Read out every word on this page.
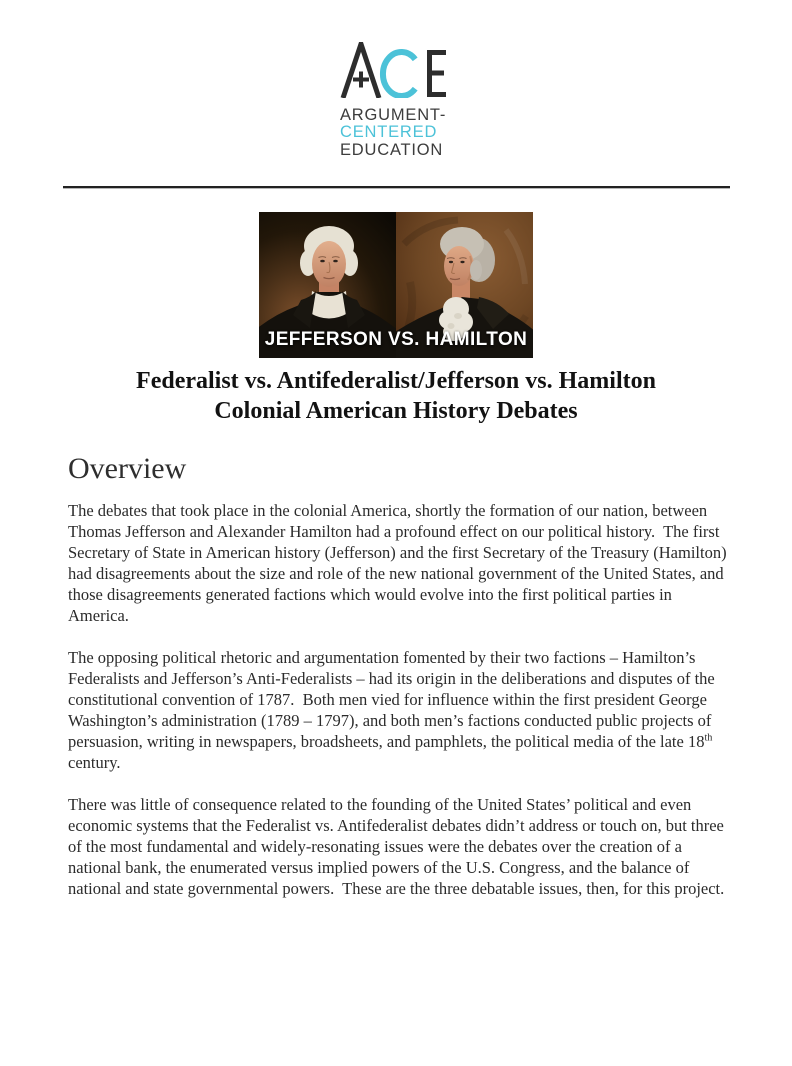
ARGUMENT-
CENTERED
EDUCATION
JEFFERSON VS. HAMILTON
Federalist vs. Antifederalist/Jefferson vs. Hamilton
Colonial American History Debates
Overview

The debates that took place in the colonial America, shortly the formation of our nation, between Thomas Jefferson and Alexander Hamilton had a profound effect on our political history.  The first Secretary of State in American history (Jefferson) and the first Secretary of the Treasury (Hamilton) had disagreements about the size and role of the new national government of the United States, and those disagreements generated factions which would evolve into the first political parties in America.

The opposing political rhetoric and argumentation fomented by their two factions – Hamilton’s Federalists and Jefferson’s Anti-Federalists – had its origin in the deliberations and disputes of the constitutional convention of 1787.  Both men vied for influence within the first president George Washington’s administration (1789 – 1797), and both men’s factions conducted public projects of persuasion, writing in newspapers, broadsheets, and pamphlets, the political media of the late 18th century.

There was little of consequence related to the founding of the United States’ political and even economic systems that the Federalist vs. Antifederalist debates didn’t address or touch on, but three of the most fundamental and widely-resonating issues were the debates over the creation of a national bank, the enumerated versus implied powers of the U.S. Congress, and the balance of national and state governmental powers.  These are the three debatable issues, then, for this project.
